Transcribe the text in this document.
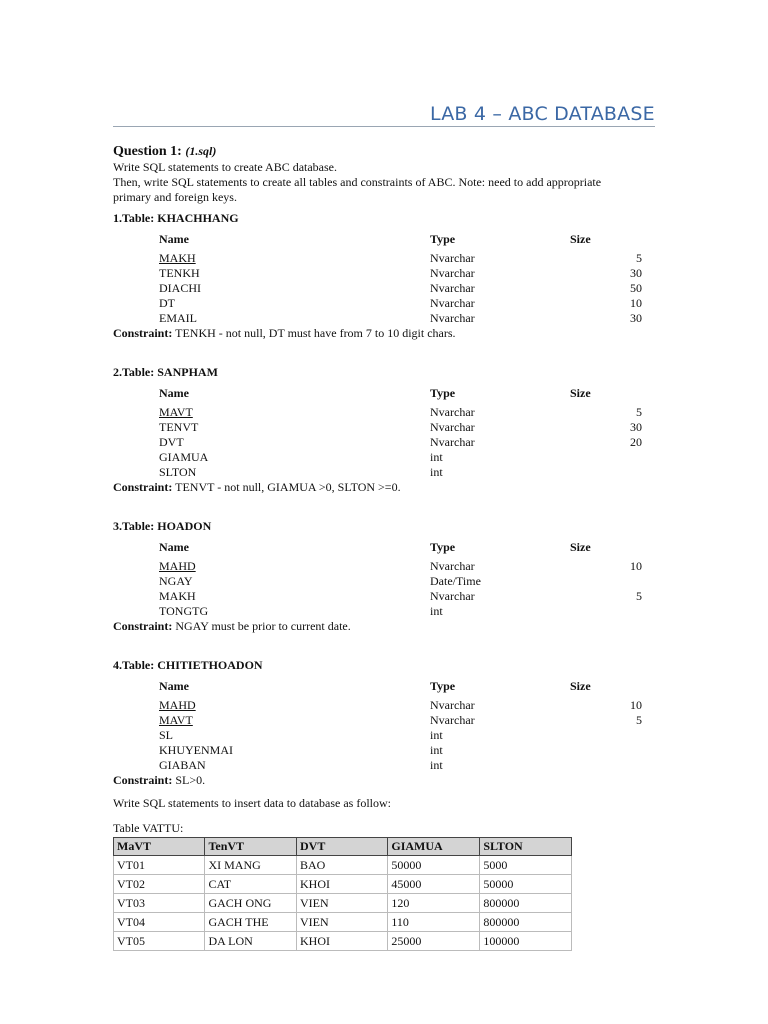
LAB 4 – ABC DATABASE
Question 1: (1.sql)

Write SQL statements to create ABC database.

Then, write SQL statements to create all tables and constraints of ABC. Note: need to add appropriate

primary and foreign keys.

1.Table: KHACHHANG
Name	Type	Size
MAKH	Nvarchar	5
TENKH	Nvarchar	30
DIACHI	Nvarchar	50
DT	Nvarchar	10
EMAIL	Nvarchar	30
Constraint: TENKH - not null, DT must have from 7 to 10 digit chars.
2.Table: SANPHAM
Name	Type	Size
MAVT	Nvarchar	5
TENVT	Nvarchar	30
DVT	Nvarchar	20
GIAMUA	int
SLTON	int
Constraint: TENVT - not null, GIAMUA >0, SLTON >=0.
3.Table: HOADON
Name	Type	Size
MAHD	Nvarchar	10
NGAY	Date/Time
MAKH	Nvarchar	5
TONGTG	int
Constraint: NGAY must be prior to current date.
4.Table: CHITIETHOADON
Name	Type	Size
MAHD	Nvarchar	10
MAVT	Nvarchar	5
SL	int
KHUYENMAI	int
GIABAN	int
Constraint: SL>0.

Write SQL statements to insert data to database as follow:

Table VATTU:
MaVT	TenVT	DVT	GIAMUA	SLTON
VT01	XI MANG	BAO	50000	5000
VT02	CAT	KHOI	45000	50000
VT03	GACH ONG	VIEN	120	800000
VT04	GACH THE	VIEN	110	800000
VT05	DA LON	KHOI	25000	100000
